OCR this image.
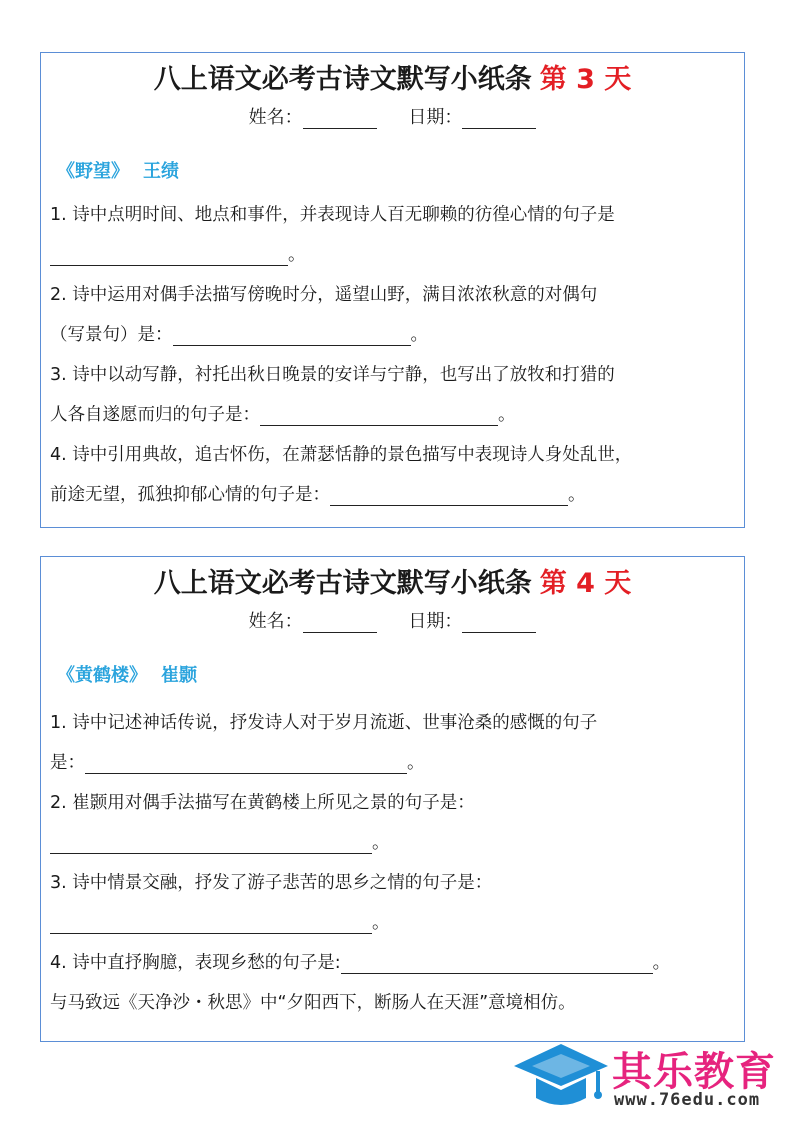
八上语文必考古诗文默写小纸条 第 3 天
姓名：	日期：
《野望》 王绩
1. 诗中点明时间、地点和事件，并表现诗人百无聊赖的彷徨心情的句子是
。
2. 诗中运用对偶手法描写傍晚时分，遥望山野，满目浓浓秋意的对偶句
（写景句）是：	。
3. 诗中以动写静，衬托出秋日晚景的安详与宁静，也写出了放牧和打猎的
人各自遂愿而归的句子是：	。
4. 诗中引用典故，追古怀伤，在萧瑟恬静的景色描写中表现诗人身处乱世，
前途无望，孤独抑郁心情的句子是：	。
八上语文必考古诗文默写小纸条 第 4 天
姓名：	日期：
《黄鹤楼》 崔颢
1. 诗中记述神话传说，抒发诗人对于岁月流逝、世事沧桑的感慨的句子
是：	。
2. 崔颢用对偶手法描写在黄鹤楼上所见之景的句子是：
。
3. 诗中情景交融，抒发了游子悲苦的思乡之情的句子是：
。
4. 诗中直抒胸臆，表现乡愁的句子是:	。
与马致远《天净沙・秋思》中“夕阳西下，断肠人在天涯”意境相仿。
其乐教育
www.76edu.com
